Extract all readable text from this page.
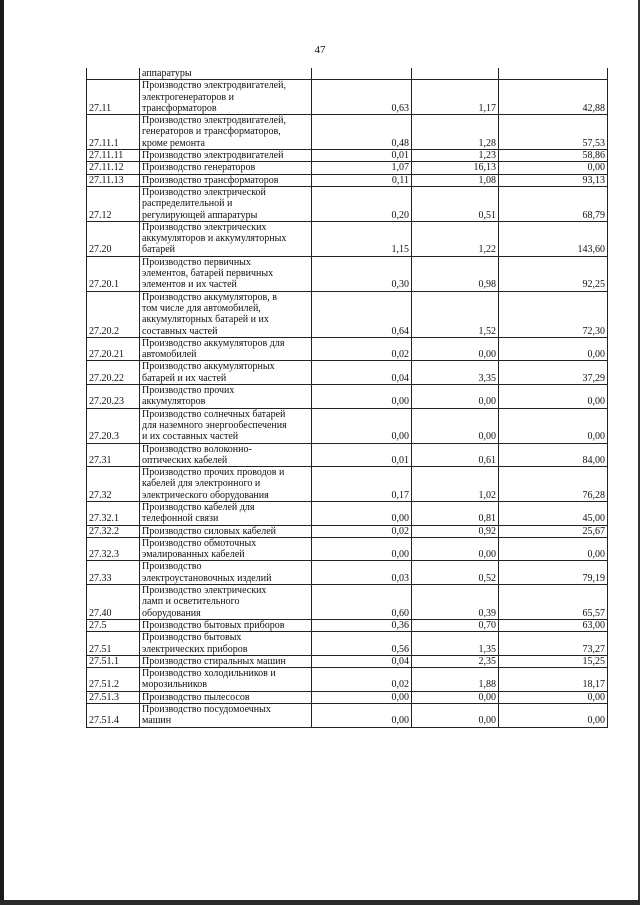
47
	аппаратуры			
27.11	Производство электродвигателей,
электрогенераторов и
трансформаторов	0,63	1,17	42,88
27.11.1	Производство электродвигателей,
генераторов и трансформаторов,
кроме ремонта	0,48	1,28	57,53
27.11.11	Производство электродвигателей	0,01	1,23	58,86
27.11.12	Производство генераторов	1,07	16,13	0,00
27.11.13	Производство трансформаторов	0,11	1,08	93,13
27.12	Производство электрической
распределительной и
регулирующей аппаратуры	0,20	0,51	68,79
27.20	Производство электрических
аккумуляторов и аккумуляторных
батарей	1,15	1,22	143,60
27.20.1	Производство первичных
элементов, батарей первичных
элементов и их частей	0,30	0,98	92,25
27.20.2	Производство аккумуляторов, в
том числе для автомобилей,
аккумуляторных батарей и их
составных частей	0,64	1,52	72,30
27.20.21	Производство аккумуляторов для
автомобилей	0,02	0,00	0,00
27.20.22	Производство аккумуляторных
батарей и их частей	0,04	3,35	37,29
27.20.23	Производство прочих
аккумуляторов	0,00	0,00	0,00
27.20.3	Производство солнечных батарей
для наземного энергообеспечения
и их составных частей	0,00	0,00	0,00
27.31	Производство волоконно-
оптических кабелей	0,01	0,61	84,00
27.32	Производство прочих проводов и
кабелей для электронного и
электрического оборудования	0,17	1,02	76,28
27.32.1	Производство кабелей для
телефонной связи	0,00	0,81	45,00
27.32.2	Производство силовых кабелей	0,02	0,92	25,67
27.32.3	Производство обмоточных
эмалированных кабелей	0,00	0,00	0,00
27.33	Производство
электроустановочных изделий	0,03	0,52	79,19
27.40	Производство электрических
ламп и осветительного
оборудования	0,60	0,39	65,57
27.5	Производство бытовых приборов	0,36	0,70	63,00
27.51	Производство бытовых
электрических приборов	0,56	1,35	73,27
27.51.1	Производство стиральных машин	0,04	2,35	15,25
27.51.2	Производство холодильников и
морозильников	0,02	1,88	18,17
27.51.3	Производство пылесосов	0,00	0,00	0,00
27.51.4	Производство посудомоечных
машин	0,00	0,00	0,00
